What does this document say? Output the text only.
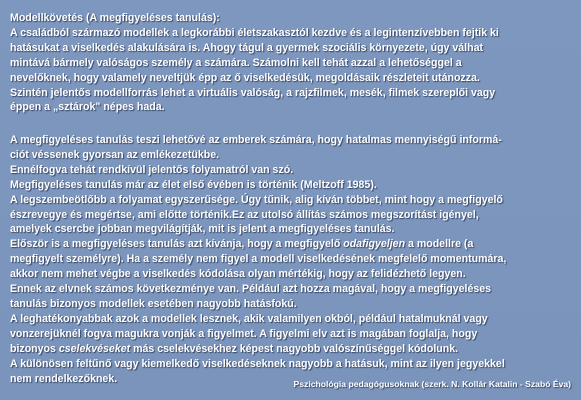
Modellkövetés (A megfigyeléses tanulás):
A családból származó modellek a legkorábbi életszakasztól kezdve és a legintenzívebben fejtik ki
hatásukat a viselkedés alakulására is. Ahogy tágul a gyermek szociális környezete, úgy válhat
mintává bármely valóságos személy a számára. Számolni kell tehát azzal a lehetőséggel a
nevelőknek, hogy valamely neveltjük épp az ő viselkedésük, megoldásaik részleteit utánozza.
Szintén jelentős modellforrás lehet a virtuális valóság, a rajzfilmek, mesék, filmek szereplői vagy
éppen a „sztárok" népes hada.
A megfigyeléses tanulás teszi lehetővé az emberek számára, hogy hatalmas mennyiségű informá-
ciót véssenek gyorsan az emlékezetükbe.
Ennélfogva tehát rendkívül jelentős folyamatról van szó.
Megfigyeléses tanulás már az élet első évében is történik (Meltzoff 1985).
A legszembeötlőbb a folyamat egyszerűsége. Úgy tűnik, alig kíván többet, mint hogy a megfigyelő
észrevegye és megértse, ami előtte történik.Ez az utolsó állítás számos megszorítást igényel,
amelyek csercbe jobban megvilágítják, mit is jelent a megfigyeléses tanulás.
Először is a megfigyeléses tanulás azt kívánja, hogy a megfigyelő odafigyeljen a modellre (a
megfigyelt személyre). Ha a személy nem figyel a modell viselkedésének megfelelő momentumára,
akkor nem mehet végbe a viselkedés kódolása olyan mértékig, hogy az felidézhető legyen.
Ennek az elvnek számos következménye van. Például azt hozza magával, hogy a megfigyeléses
tanulás bizonyos modellek esetében nagyobb hatásfokú.
A leghatékonyabbak azok a modellek lesznek, akik valamilyen okból, például hatalmuknál vagy
vonzerejüknél fogva magukra vonják a figyelmet. A figyelmi elv azt is magában foglalja, hogy
bizonyos cselekvéseket más cselekvésekhez képest nagyobb valószínűséggel kódolunk.
A különösen feltűnő vagy kiemelkedő viselkedéseknek nagyobb a hatásuk, mint az ilyen jegyekkel
nem rendelkezőknek.	Pszichológia pedagógusoknak (szerk. N. Kollár Katalin - Szabó Éva)
